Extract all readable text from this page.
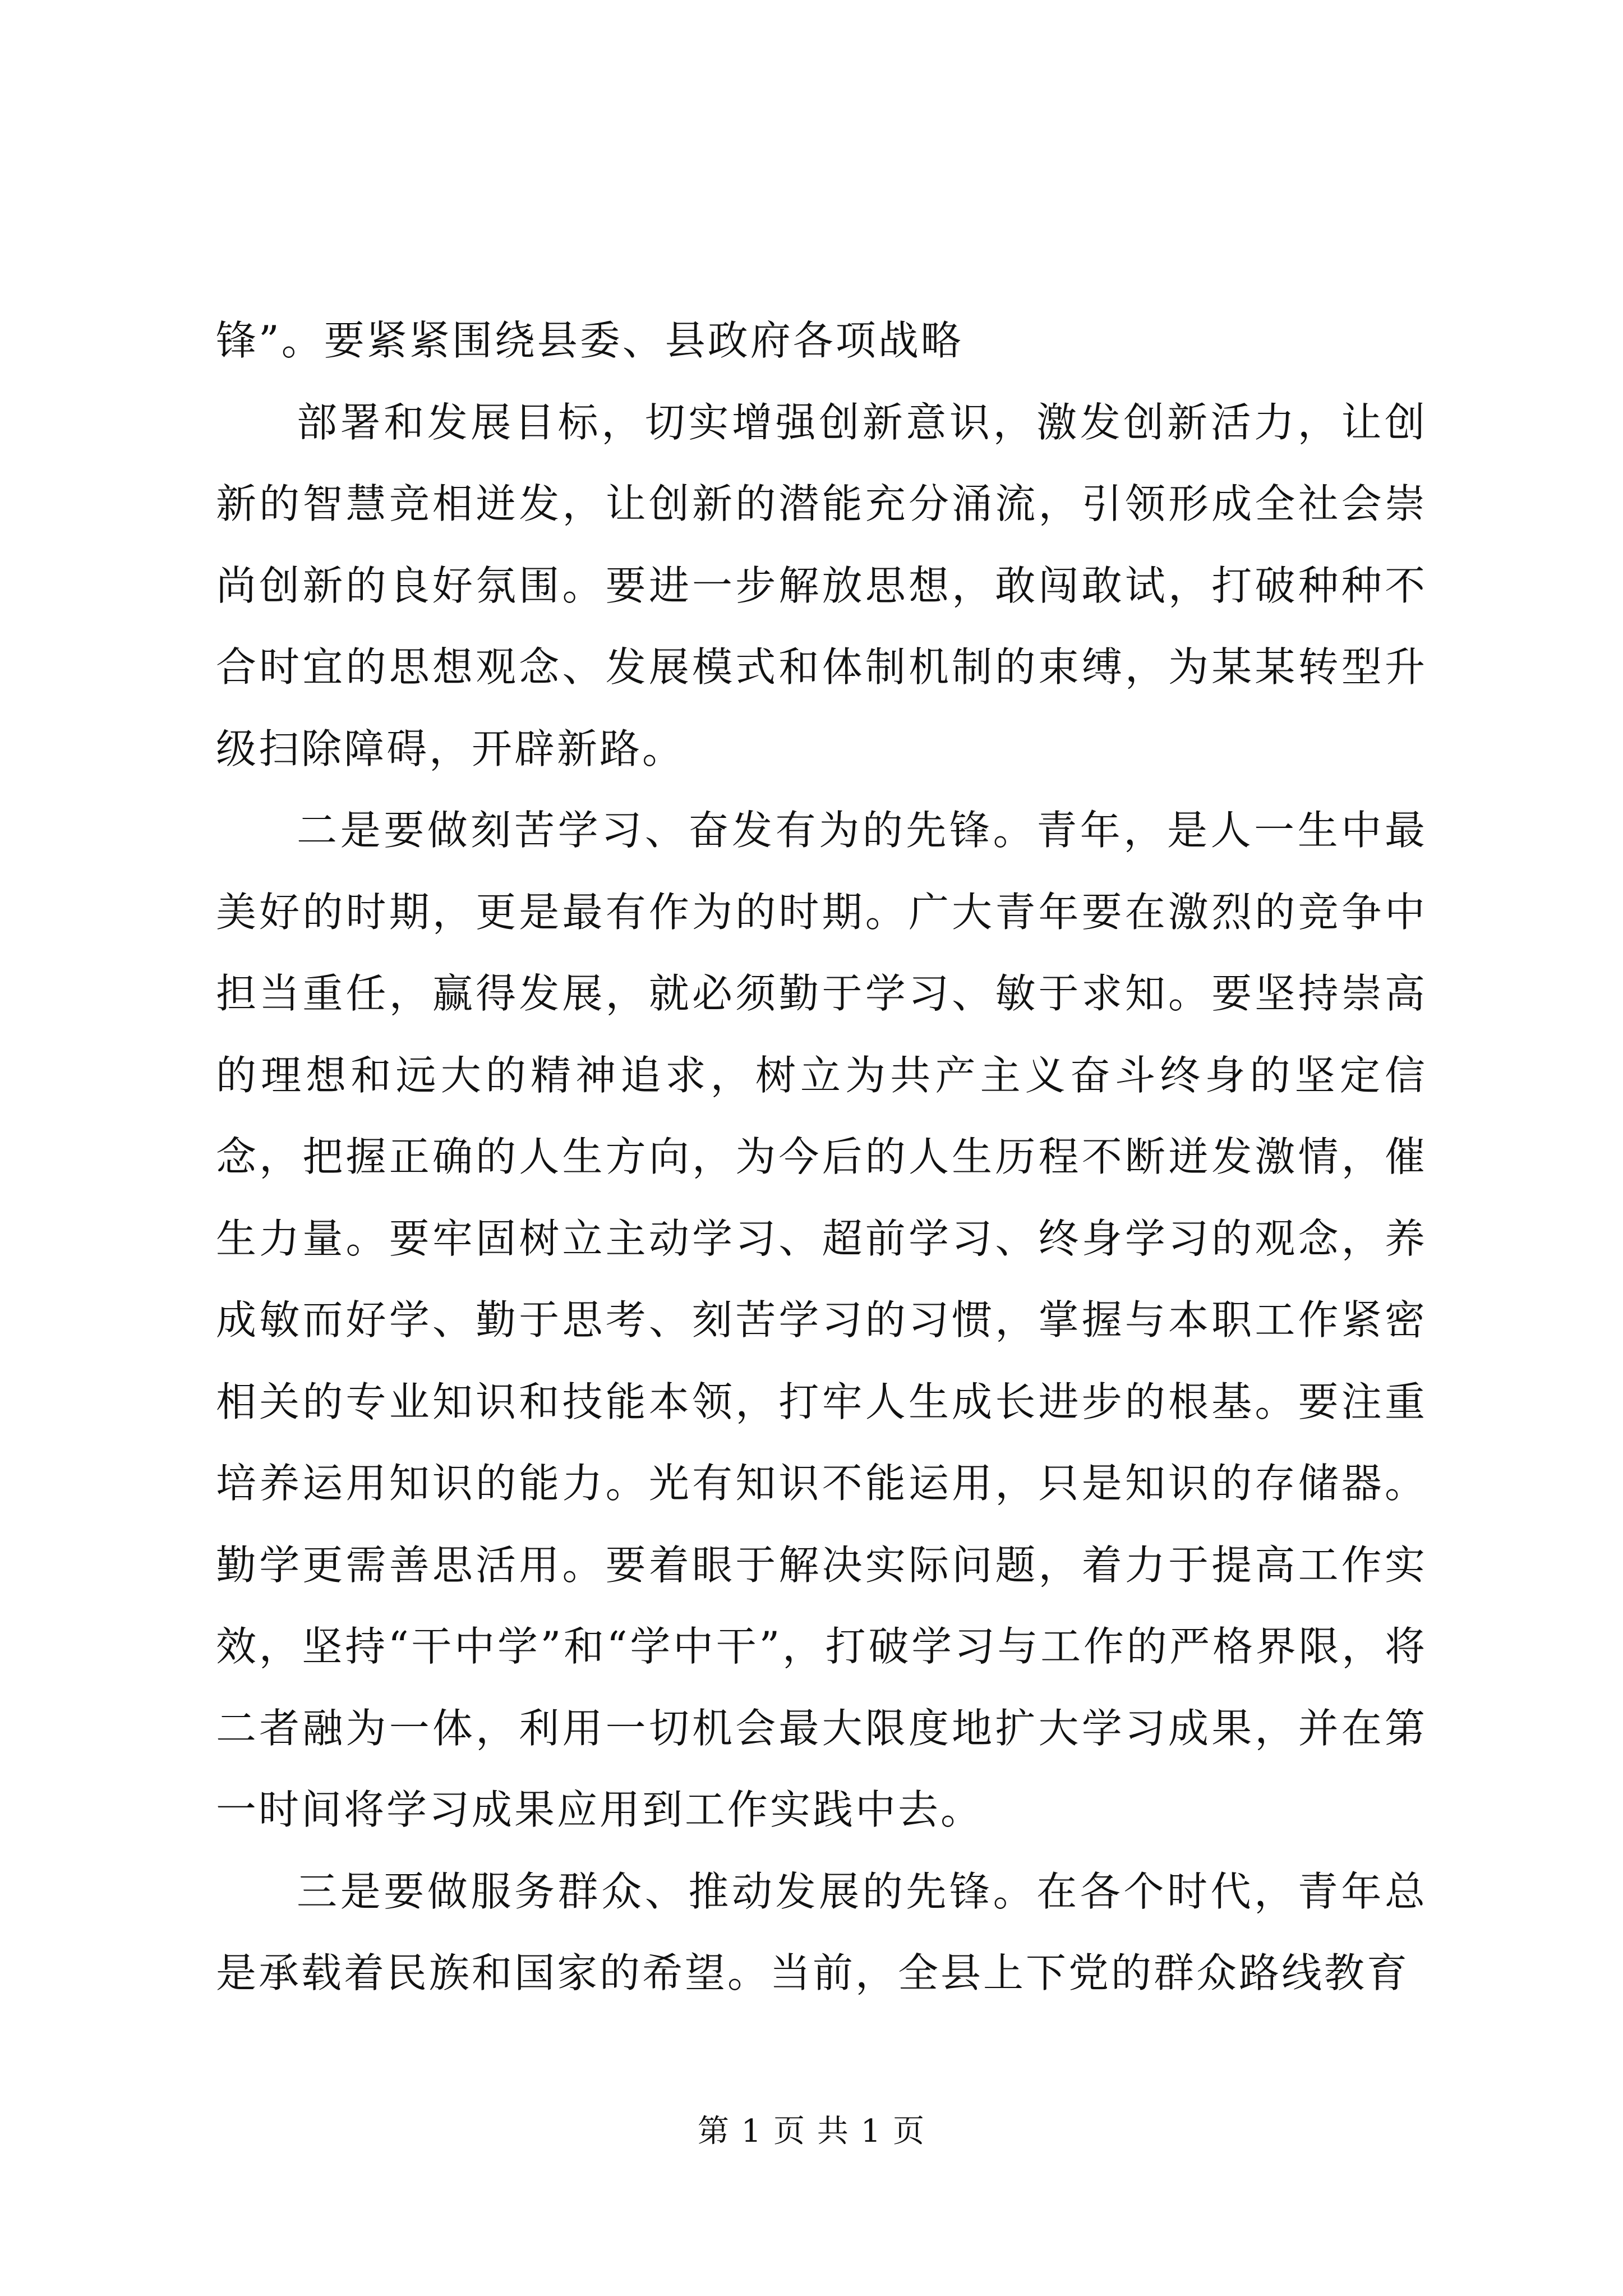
锋”。要紧紧围绕县委、县政府各项战略

部署和发展目标，切实增强创新意识，激发创新活力，让创新的智慧竞相迸发，让创新的潜能充分涌流，引领形成全社会崇尚创新的良好氛围。要进一步解放思想，敢闯敢试，打破种种不合时宜的思想观念、发展模式和体制机制的束缚，为某某转型升级扫除障碍，开辟新路。

二是要做刻苦学习、奋发有为的先锋。青年，是人一生中最美好的时期，更是最有作为的时期。广大青年要在激烈的竞争中担当重任，赢得发展，就必须勤于学习、敏于求知。要坚持崇高的理想和远大的精神追求，树立为共产主义奋斗终身的坚定信念，把握正确的人生方向，为今后的人生历程不断迸发激情，催生力量。要牢固树立主动学习、超前学习、终身学习的观念，养成敏而好学、勤于思考、刻苦学习的习惯，掌握与本职工作紧密相关的专业知识和技能本领，打牢人生成长进步的根基。要注重培养运用知识的能力。光有知识不能运用，只是知识的存储器。勤学更需善思活用。要着眼于解决实际问题，着力于提高工作实效，坚持“干中学”和“学中干”，打破学习与工作的严格界限，将二者融为一体，利用一切机会最大限度地扩大学习成果，并在第一时间将学习成果应用到工作实践中去。

三是要做服务群众、推动发展的先锋。在各个时代，青年总是承载着民族和国家的希望。当前，全县上下党的群众路线教育

第 1 页 共 1 页
